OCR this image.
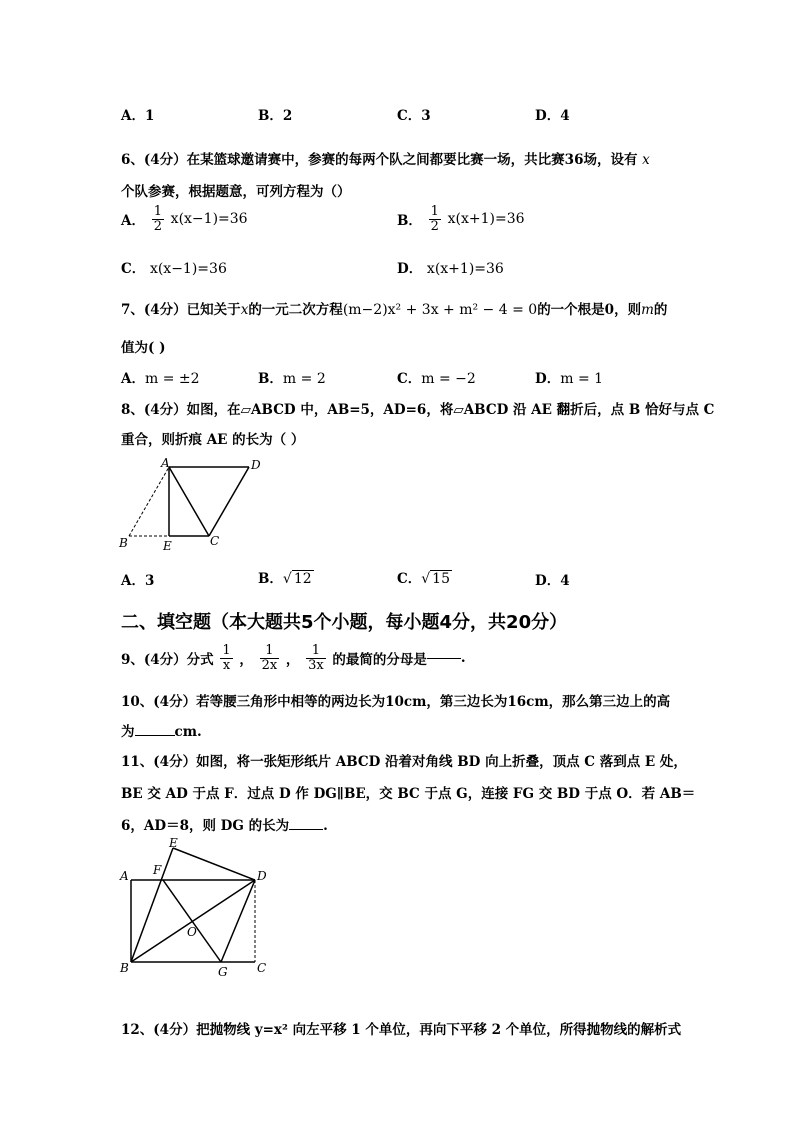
A．1	B．2	C．3	D．4
6、(4分）在某篮球邀请赛中，参赛的每两个队之间都要比赛一场，共比赛36场，设有 x
个队参赛，根据题意，可列方程为（）
A． $\frac{1}{2} x(x-1)=36$	B． $\frac{1}{2} x(x+1)=36$
C． x(x−1)=36	D． x(x+1)=36
7、(4分）已知关于x的一元二次方程(m−2)x² + 3x + m² − 4 = 0的一个根是0，则m的
值为( )
A．m = ±2	B．m = 2	C．m = −2	D．m = 1
8、(4分）如图，在▱ABCD 中，AB=5，AD=6，将▱ABCD 沿 AE 翻折后，点 B 恰好与点 C
重合，则折痕 AE 的长为（ ）
A	D
B	E	C
A．3	B．√ 12	C．√ 15	D．4
二、填空题（本大题共5个小题，每小题4分，共20分）
9、(4分）分式 $\frac{1}{x}$ ， $\frac{1}{2x}$ ， $\frac{1}{3x}$ 的最简的分母是	.
10、(4分）若等腰三角形中相等的两边长为10cm，第三边长为16cm，那么第三边上的高
为	cm.
11、(4分）如图，将一张矩形纸片 ABCD 沿着对角线 BD 向上折叠，顶点 C 落到点 E 处，
BE 交 AD 于点 F．过点 D 作 DG∥BE，交 BC 于点 G，连接 FG 交 BD 于点 O．若 AB＝
6，AD＝8，则 DG 的长为	.
E
F
A	D
O
B	G C
12、(4分）把抛物线 y=x² 向左平移 1 个单位，再向下平移 2 个单位，所得抛物线的解析式
